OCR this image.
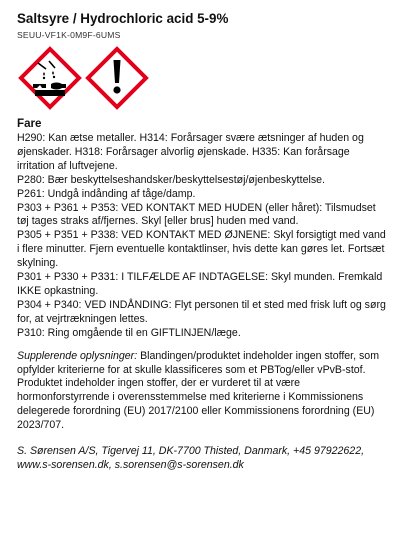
Saltsyre / Hydrochloric acid 5-9%
SEUU-VF1K-0M9F-6UMS
Fare

H290: Kan ætse metaller. H314: Forårsager svære ætsninger af huden og øjenskader. H318: Forårsager alvorlig øjenskade. H335: Kan forårsage irritation af luftvejene.

P280: Bær beskyttelseshandsker/beskyttelsestøj/øjenbeskyttelse.

P261: Undgå indånding af tåge/damp.

P303 + P361 + P353: VED KONTAKT MED HUDEN (eller håret): Tilsmudset tøj tages straks af/fjernes. Skyl [eller brus] huden med vand.

P305 + P351 + P338: VED KONTAKT MED ØJNENE: Skyl forsigtigt med vand i flere minutter. Fjern eventuelle kontaktlinser, hvis dette kan gøres let. Fortsæt skylning.

P301 + P330 + P331: I TILFÆLDE AF INDTAGELSE: Skyl munden. Fremkald IKKE opkastning.

P304 + P340: VED INDÅNDING: Flyt personen til et sted med frisk luft og sørg for, at vejrtrækningen lettes.

P310: Ring omgående til en GIFTLINJEN/læge.

Supplerende oplysninger: Blandingen/produktet indeholder ingen stoffer, som opfylder kriterierne for at skulle klassificeres som et PBTog/eller vPvB-stof. Produktet indeholder ingen stoffer, der er vurderet til at være hormonforstyrrende i overensstemmelse med kriterierne i Kommissionens delegerede forordning (EU) 2017/2100 eller Kommissionens forordning (EU) 2023/707.
S. Sørensen A/S, Tigervej 11, DK-7700 Thisted, Danmark, +45 97922622,
www.s-sorensen.dk, s.sorensen@s-sorensen.dk
